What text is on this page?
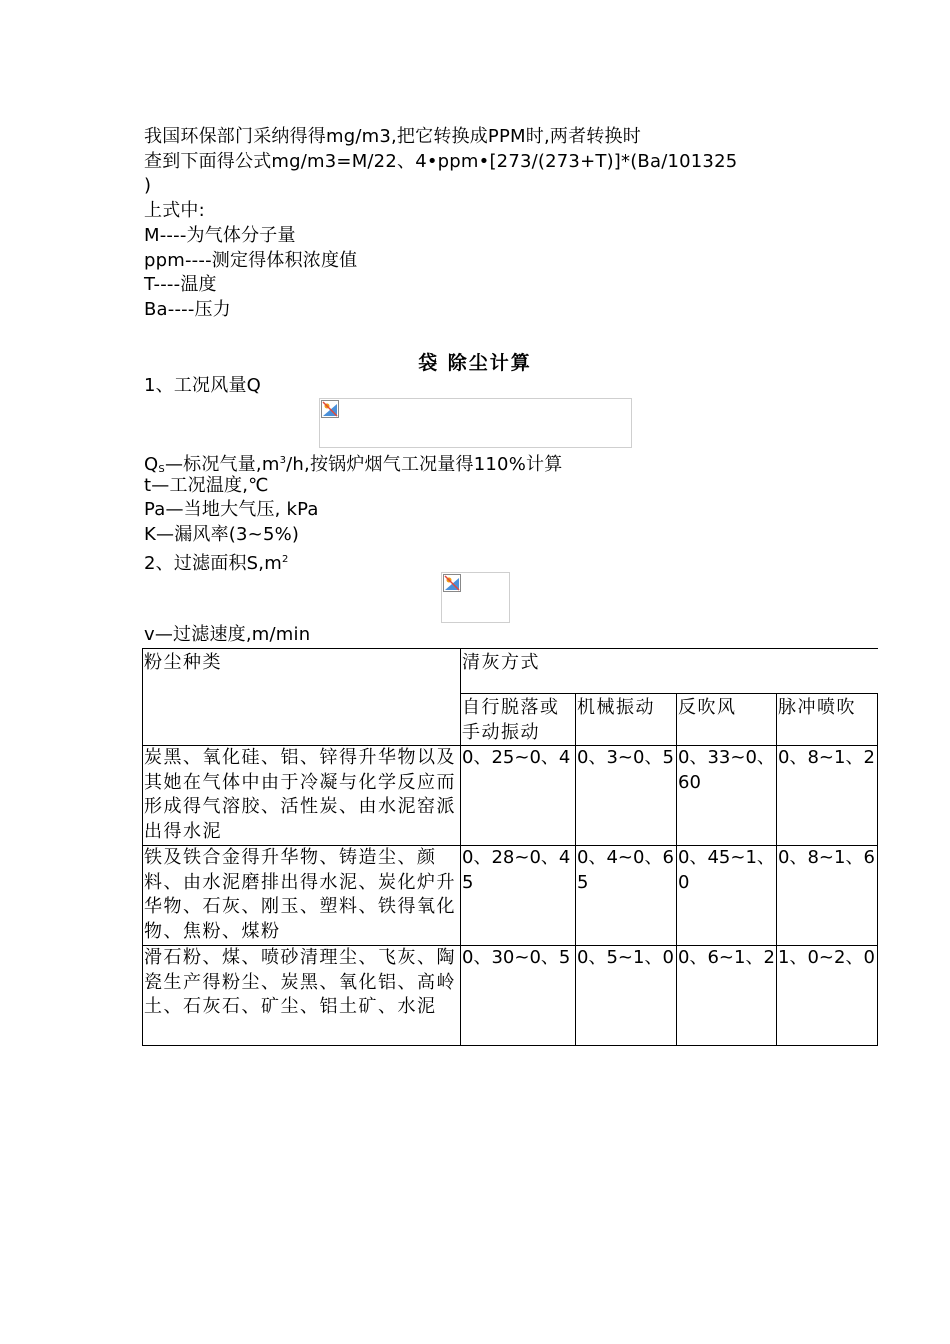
我国环保部门采纳得得mg/m3,把它转换成PPM时,两者转换时
查到下面得公式mg/m3=M/22、4•ppm•[273/(273+T)]*(Ba/101325
)
上式中:
M----为气体分子量
ppm----测定得体积浓度值
T----温度
Ba----压力
袋 除尘计算
1、工况风量Q
$Q_S—$标况气量$,m^3/h$,按锅炉烟气工况量得110%计算
t—工况温度,℃
Pa—当地大气压, kPa
K—漏风率(3~5%)
2、过滤面积$S,m^2$
v—过滤速度,m/min
粉尘种类	清灰方式			

	自行脱落或手动振动	机械振动	反吹风	脉冲喷吹

炭黑、氧化硅、铝、锌得升华物以及其她在气体中由于冷凝与化学反应而形成得气溶胶、活性炭、由水泥窑派出得水泥	0、25~0、4	0、3~0、5	0、33~0、60	0、8~1、2

铁及铁合金得升华物、铸造尘、颜料、由水泥磨排出得水泥、炭化炉升华物、石灰、刚玉、塑料、铁得氧化物、焦粉、煤粉	0、28~0、45	0、4~0、65	0、45~1、0	0、8~1、6

滑石粉、煤、喷砂清理尘、飞灰、陶瓷生产得粉尘、炭黑、氧化铝、高岭土、石灰石、矿尘、铝土矿、水泥	0、30~0、5	0、5~1、0	0、6~1、2	1、0~2、0
